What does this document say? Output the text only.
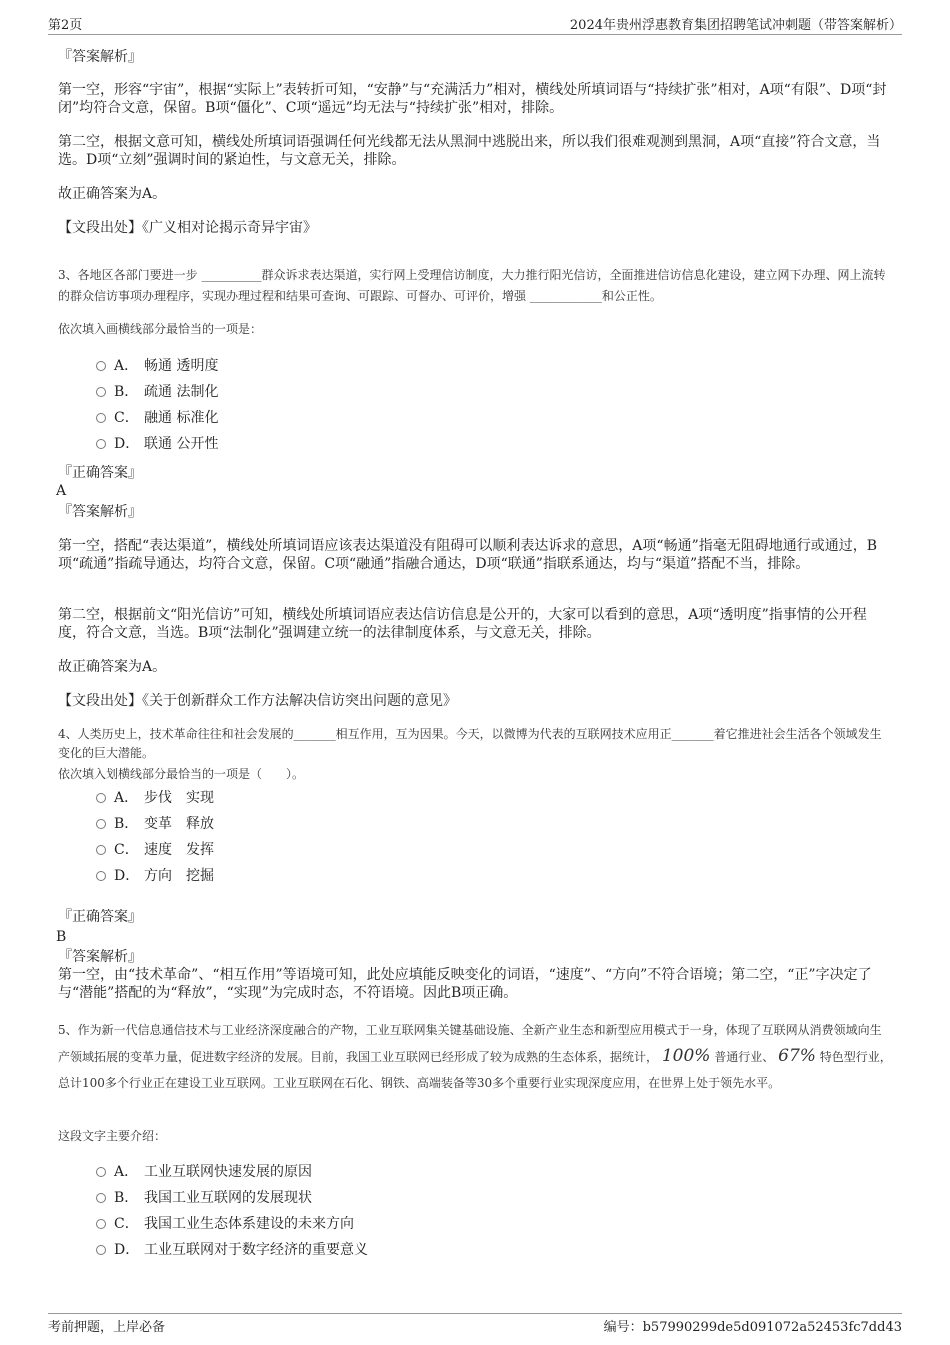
第2页	2024年贵州浮惠教育集团招聘笔试冲刺题（带答案解析）
『答案解析』
第一空，形容“宇宙”，根据“实际上”表转折可知，“安静”与“充满活力”相对，横线处所填词语与“持续扩张”相对，A项“有限”、D项“封闭”均符合文意，保留。B项“僵化”、C项“遥远”均无法与“持续扩张”相对，排除。
第二空，根据文意可知，横线处所填词语强调任何光线都无法从黑洞中逃脱出来，所以我们很难观测到黑洞，A项“直接”符合文意，当选。D项“立刻”强调时间的紧迫性，与文意无关，排除。
故正确答案为A。
【文段出处】《广义相对论揭示奇异宇宙》
3、各地区各部门要进一步 __________群众诉求表达渠道，实行网上受理信访制度，大力推行阳光信访，全面推进信访信息化建设，建立网下办理、网上流转的群众信访事项办理程序，实现办理过程和结果可查询、可跟踪、可督办、可评价，增强 ____________和公正性。
依次填入画横线部分最恰当的一项是：
A． 畅通 透明度
B． 疏通 法制化
C． 融通 标准化
D． 联通 公开性
『正确答案』
A
『答案解析』
第一空，搭配“表达渠道”，横线处所填词语应该表达渠道没有阻碍可以顺利表达诉求的意思，A项“畅通”指毫无阻碍地通行或通过，B项“疏通”指疏导通达，均符合文意，保留。C项“融通”指融合通达，D项“联通”指联系通达，均与“渠道”搭配不当，排除。
第二空，根据前文“阳光信访”可知，横线处所填词语应表达信访信息是公开的，大家可以看到的意思，A项“透明度”指事情的公开程度，符合文意，当选。B项“法制化”强调建立统一的法律制度体系，与文意无关，排除。
故正确答案为A。
【文段出处】《关于创新群众工作方法解决信访突出问题的意见》
4、人类历史上，技术革命往往和社会发展的_______相互作用，互为因果。今天，以微博为代表的互联网技术应用正_______着它推进社会生活各个领域发生变化的巨大潜能。
依次填入划横线部分最恰当的一项是（　　）。
A． 步伐　实现
B． 变革　释放
C． 速度　发挥
D． 方向　挖掘
『正确答案』
B
『答案解析』
第一空，由“技术革命”、“相互作用”等语境可知，此处应填能反映变化的词语，“速度”、“方向”不符合语境；第二空，“正”字决定了与“潜能”搭配的为“释放”，“实现”为完成时态，不符语境。因此B项正确。
5、作为新一代信息通信技术与工业经济深度融合的产物，工业互联网集关键基础设施、全新产业生态和新型应用模式于一身，体现了互联网从消费领域向生产领域拓展的变革力量，促进数字经济的发展。目前，我国工业互联网已经形成了较为成熟的生态体系，据统计， 100% 普通行业、 67% 特色型行业，总计100多个行业正在建设工业互联网。工业互联网在石化、钢铁、高端装备等30多个重要行业实现深度应用，在世界上处于领先水平。
这段文字主要介绍：
A． 工业互联网快速发展的原因
B． 我国工业互联网的发展现状
C． 我国工业生态体系建设的未来方向
D． 工业互联网对于数字经济的重要意义
考前押题，上岸必备	编号：b57990299de5d091072a52453fc7dd43
